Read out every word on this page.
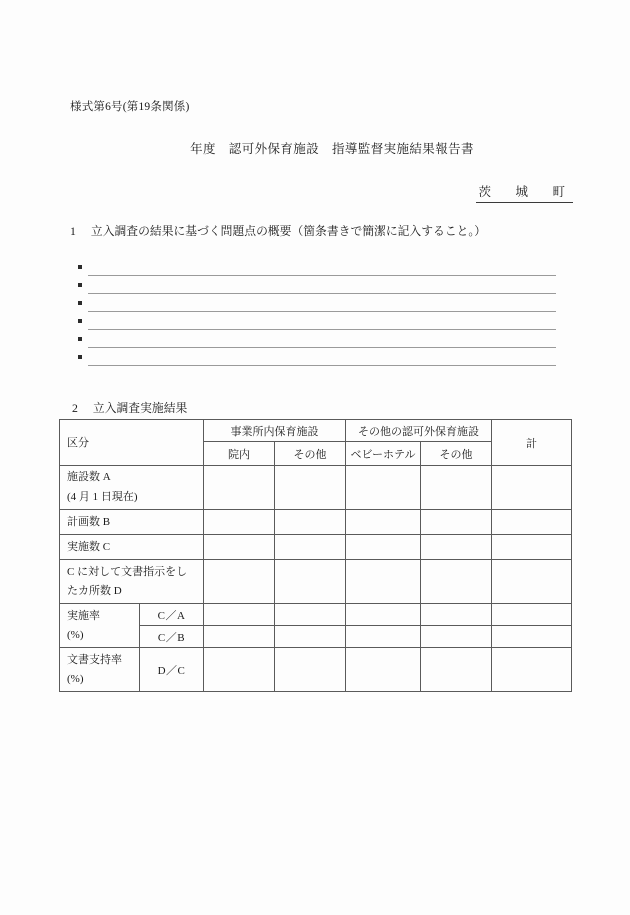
様式第6号(第19条関係)
年度　認可外保育施設　指導監督実施結果報告書
茨　城　町
1 立入調査の結果に基づく問題点の概要（箇条書きで簡潔に記入すること。）
2 立入調査実施結果
区分		事業所内保育施設		その他の認可外保育施設		計
		院内	その他	ベビーホテル	その他	

施設数 A
(4 月 1 日現在)						

計画数 B						

実施数 C						

C に対して文書指示をし
たカ所数 D						

実施率
(%)	C／A					
	C／B					

文書支持率
(%)	D／C					
